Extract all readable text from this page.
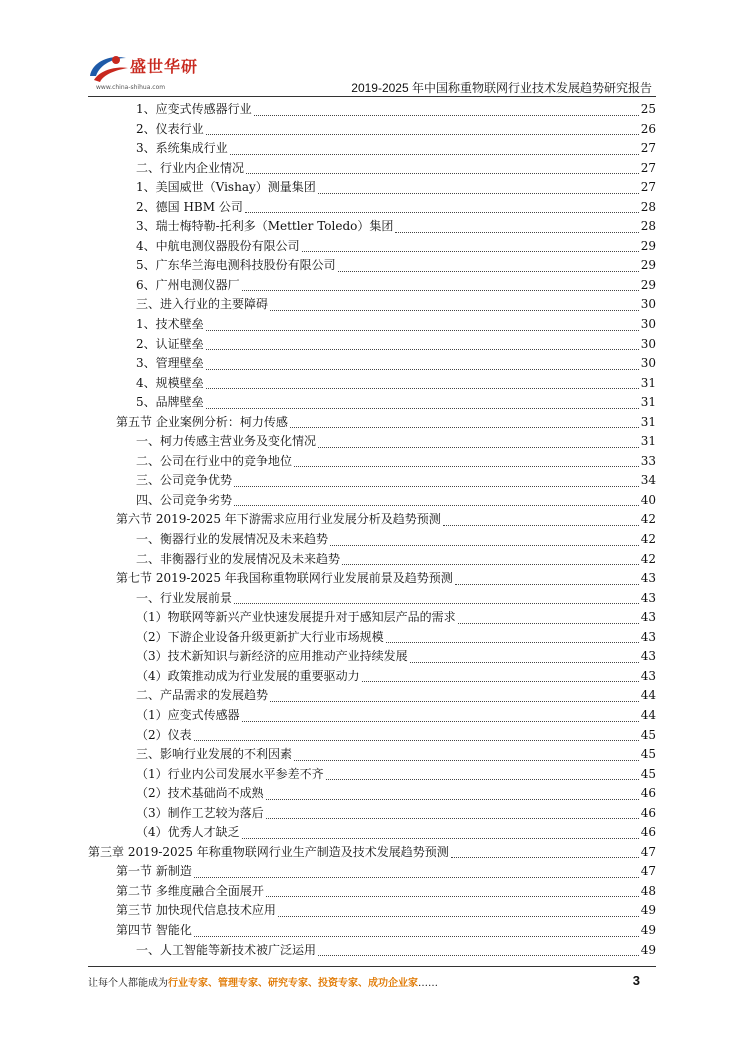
盛世华研
www.china-shihua.com	2019-2025 年中国称重物联网行业技术发展趋势研究报告
1、应变式传感器行业	25
2、仪表行业	26
3、系统集成行业	27
二、行业内企业情况	27
1、美国威世（Vishay）测量集团	27
2、德国 HBM 公司	28
3、瑞士梅特勒-托利多（Mettler Toledo）集团	28
4、中航电测仪器股份有限公司	29
5、广东华兰海电测科技股份有限公司	29
6、广州电测仪器厂	29
三、进入行业的主要障碍	30
1、技术壁垒	30
2、认证壁垒	30
3、管理壁垒	30
4、规模壁垒	31
5、品牌壁垒	31
第五节 企业案例分析：柯力传感	31
一、柯力传感主营业务及变化情况	31
二、公司在行业中的竞争地位	33
三、公司竞争优势	34
四、公司竞争劣势	40
第六节 2019-2025 年下游需求应用行业发展分析及趋势预测	42
一、衡器行业的发展情况及未来趋势	42
二、非衡器行业的发展情况及未来趋势	42
第七节 2019-2025 年我国称重物联网行业发展前景及趋势预测	43
一、行业发展前景	43
（1）物联网等新兴产业快速发展提升对于感知层产品的需求	43
（2）下游企业设备升级更新扩大行业市场规模	43
（3）技术新知识与新经济的应用推动产业持续发展	43
（4）政策推动成为行业发展的重要驱动力	43
二、产品需求的发展趋势	44
（1）应变式传感器	44
（2）仪表	45
三、影响行业发展的不利因素	45
（1）行业内公司发展水平参差不齐	45
（2）技术基础尚不成熟	46
（3）制作工艺较为落后	46
（4）优秀人才缺乏	46
第三章 2019-2025 年称重物联网行业生产制造及技术发展趋势预测	47
第一节 新制造	47
第二节 多维度融合全面展开	48
第三节 加快现代信息技术应用	49
第四节 智能化	49
一、人工智能等新技术被广泛运用	49
让每个人都能成为行业专家、管理专家、研究专家、投资专家、成功企业家……	3
